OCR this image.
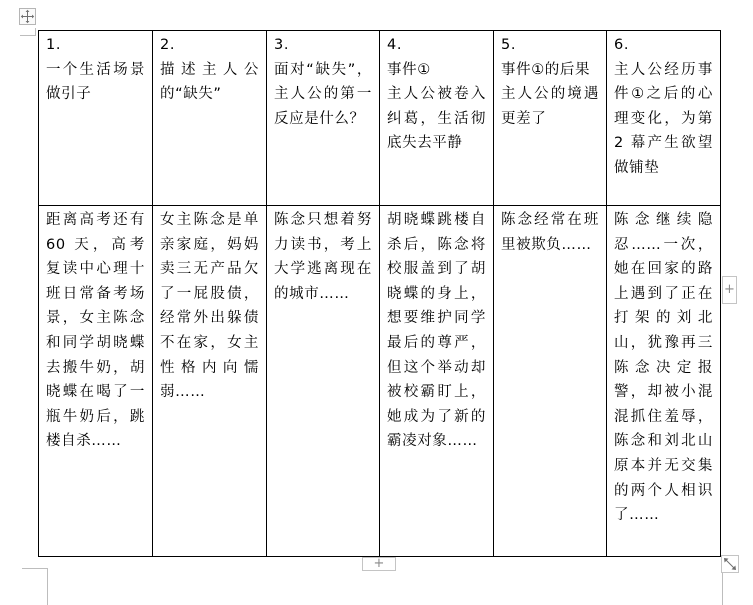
1.
一个生活场景做引子	2.
描述主人公的“缺失”	3.
面对“缺失”，主人公的第一反应是什么？	4.
事件①
主人公被卷入纠葛，生活彻底失去平静	5.
事件①的后果
主人公的境遇更差了	6.
主人公经历事件①之后的心理变化，为第 2 幕产生欲望做铺垫
距离高考还有 60 天，高考复读中心理十班日常备考场景，女主陈念和同学胡晓蝶去搬牛奶，胡晓蝶在喝了一瓶牛奶后，跳楼自杀……	女主陈念是单亲家庭，妈妈卖三无产品欠了一屁股债，经常外出躲债不在家，女主性格内向懦弱……	陈念只想着努力读书，考上大学逃离现在的城市……	胡晓蝶跳楼自杀后，陈念将校服盖到了胡晓蝶的身上，想要维护同学最后的尊严，但这个举动却被校霸盯上，她成为了新的霸凌对象……	陈念经常在班里被欺负……	陈念继续隐忍……一次，她在回家的路上遇到了正在打架的刘北山，犹豫再三陈念决定报警，却被小混混抓住羞辱，陈念和刘北山原本并无交集的两个人相识了……
+
+
